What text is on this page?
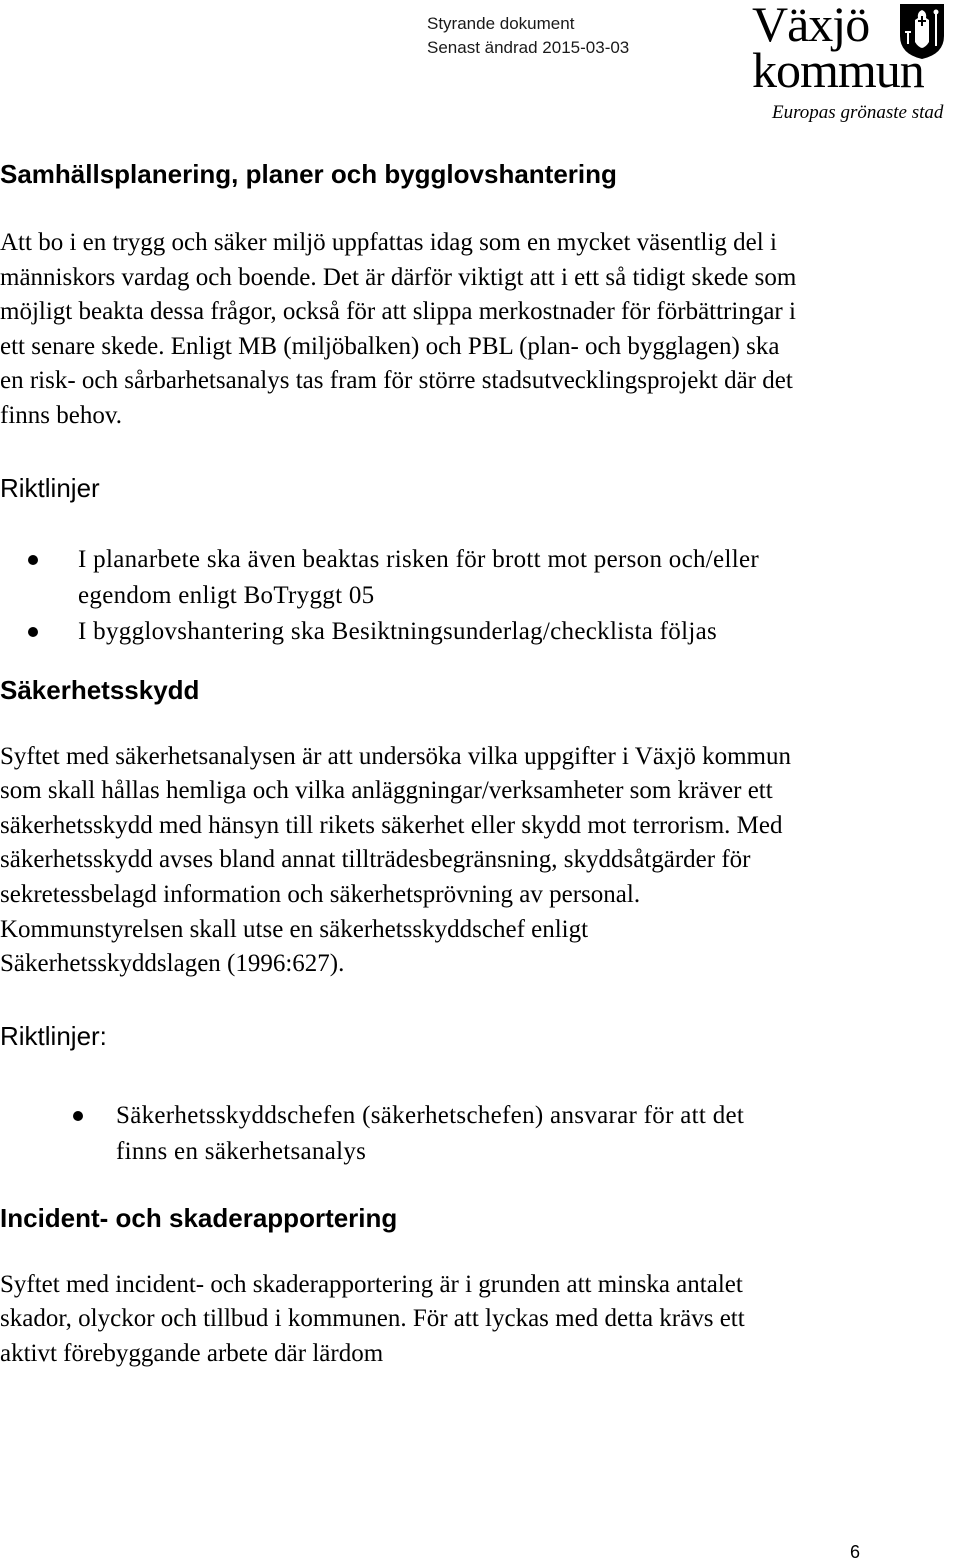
Styrande dokument
Senast ändrad 2015-03-03 Växjö
kommun
Europas grönaste stad
Samhällsplanering, planer och bygglovshantering

Att bo i en trygg och säker miljö uppfattas idag som en mycket väsentlig del i människors vardag och boende. Det är därför viktigt att i ett så tidigt skede som möjligt beakta dessa frågor, också för att slippa merkostnader för förbättringar i ett senare skede. Enligt MB (miljöbalken) och PBL (plan- och bygglagen) ska en risk- och sårbarhetsanalys tas fram för större stadsutvecklingsprojekt där det finns behov.

Riktlinjer
I planarbete ska även beaktas risken för brott mot person och/eller egendom enligt BoTryggt 05
I bygglovshantering ska Besiktningsunderlag/checklista följas
Säkerhetsskydd

Syftet med säkerhetsanalysen är att undersöka vilka uppgifter i Växjö kommun som skall hållas hemliga och vilka anläggningar/verksamheter som kräver ett säkerhetsskydd med hänsyn till rikets säkerhet eller skydd mot terrorism. Med säkerhetsskydd avses bland annat tillträdesbegränsning, skyddsåtgärder för sekretessbelagd information och säkerhetsprövning av personal. Kommunstyrelsen skall utse en säkerhetsskyddschef enligt Säkerhetsskyddslagen (1996:627).

Riktlinjer:
Säkerhetsskyddschefen (säkerhetschefen) ansvarar för att det finns en säkerhetsanalys
Incident- och skaderapportering

Syftet med incident- och skaderapportering är i grunden att minska antalet skador, olyckor och tillbud i kommunen. För att lyckas med detta krävs ett aktivt förebyggande arbete där lärdom

6
